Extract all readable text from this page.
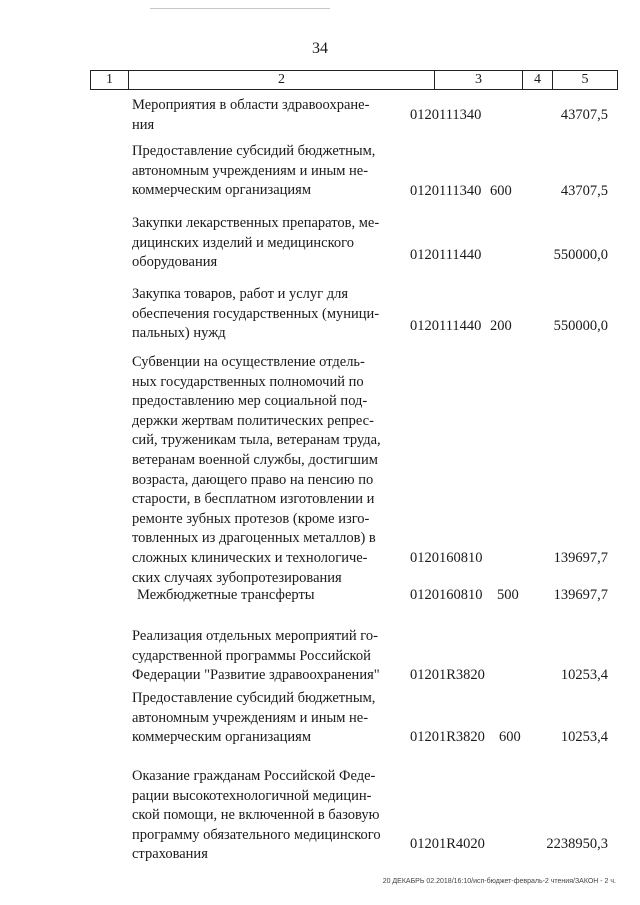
34
1	2	3	4	5
Мероприятия в области здравоохране-
ния
0120111340	43707,5
Предоставление субсидий бюджетным,
автономным учреждениям и иным не-
коммерческим организациям	0120111340 600	43707,5
Закупки лекарственных препаратов, ме-
дицинских изделий и медицинского
оборудования	0120111440	550000,0
Закупка товаров, работ и услуг для
обеспечения государственных (муници-
пальных) нужд	0120111440 200	550000,0
Субвенции на осуществление отдель-
ных государственных полномочий по
предоставлению мер социальной под-
держки жертвам политических репрес-
сий, труженикам тыла, ветеранам труда,
ветеранам военной службы, достигшим
возраста, дающего право на пенсию по
старости, в бесплатном изготовлении и
ремонте зубных протезов (кроме изго-
товленных из драгоценных металлов) в
сложных клинических и технологиче-
ских случаях зубопротезирования
0120160810	139697,7
Межбюджетные трансферты	0120160810 500 139697,7
Реализация отдельных мероприятий го-
сударственной программы Российской
Федерации "Развитие здравоохранения"	01201R3820	10253,4
Предоставление субсидий бюджетным,
автономным учреждениям и иным не-
коммерческим организациям	01201R3820 600	10253,4
Оказание гражданам Российской Феде-
рации высокотехнологичной медицин-
ской помощи, не включенной в базовую
программу обязательного медицинского
страхования
01201R4020	2238950,3
20 ДЕКАБРЬ 02.2018/16:10/исп-бюджет-февраль-2 чтения/ЗАКОН - 2 ч.
